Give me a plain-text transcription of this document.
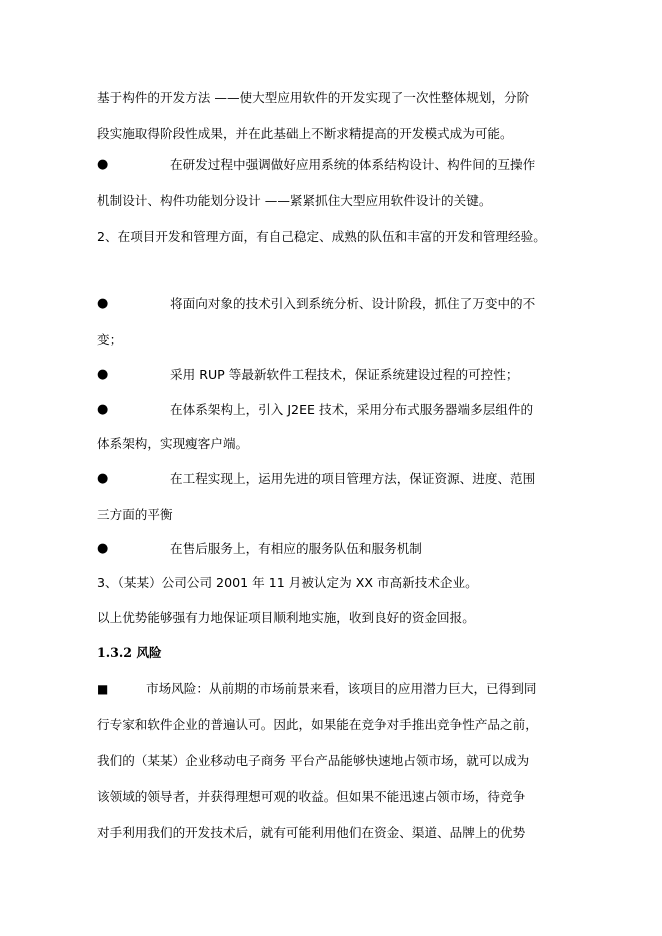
基于构件的开发方法 ——使大型应用软件的开发实现了一次性整体规划，分阶
段实施取得阶段性成果，并在此基础上不断求精提高的开发模式成为可能。
●	在研发过程中强调做好应用系统的体系结构设计、构件间的互操作
机制设计、构件功能划分设计 ——紧紧抓住大型应用软件设计的关键。
2、在项目开发和管理方面，有自己稳定、成熟的队伍和丰富的开发和管理经验。
●	将面向对象的技术引入到系统分析、设计阶段，抓住了万变中的不
变；
●	采用 RUP 等最新软件工程技术，保证系统建设过程的可控性；
●	在体系架构上，引入 J2EE 技术，采用分布式服务器端多层组件的
体系架构，实现瘦客户端。
●	在工程实现上，运用先进的项目管理方法，保证资源、进度、范围
三方面的平衡
●	在售后服务上，有相应的服务队伍和服务机制
3、（某某）公司公司 2001 年 11 月被认定为 XX 市高新技术企业。
以上优势能够强有力地保证项目顺利地实施，收到良好的资金回报。
1.3.2 风险
■	市场风险：从前期的市场前景来看，该项目的应用潜力巨大，已得到同
行专家和软件企业的普遍认可。因此，如果能在竞争对手推出竞争性产品之前，
我们的（某某）企业移动电子商务 平台产品能够快速地占领市场，就可以成为
该领域的领导者，并获得理想可观的收益。但如果不能迅速占领市场，待竞争
对手利用我们的开发技术后，就有可能利用他们在资金、渠道、品牌上的优势
